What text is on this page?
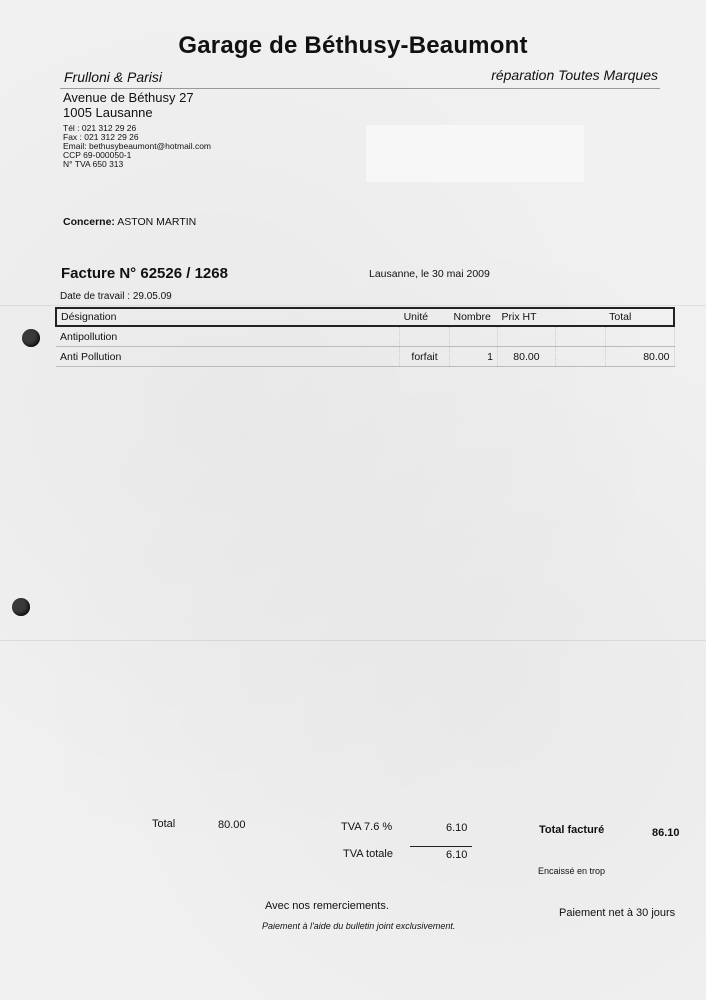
Garage de Béthusy-Beaumont
Frulloni & Parisi	réparation Toutes Marques
Avenue de Béthusy 27
1005 Lausanne
Tél : 021 312 29 26
Fax : 021 312 29 26
Email: bethusybeaumont@hotmail.com
CCP 69-000050-1
N° TVA 650 313
Concerne: ASTON MARTIN
Facture N° 62526 / 1268	Lausanne, le 30 mai 2009
Date de travail : 29.05.09
Désignation	Unité	Nombre	Prix HT		Total
Antipollution					
Anti Pollution	forfait	1	80.00		80.00
Total	80.00	TVA 7.6 %	6.10
TVA totale	6.10
Total facturé	86.10
Encaissé en trop
Avec nos remerciements.
Paiement à l'aide du bulletin joint exclusivement.
Paiement net à 30 jours
